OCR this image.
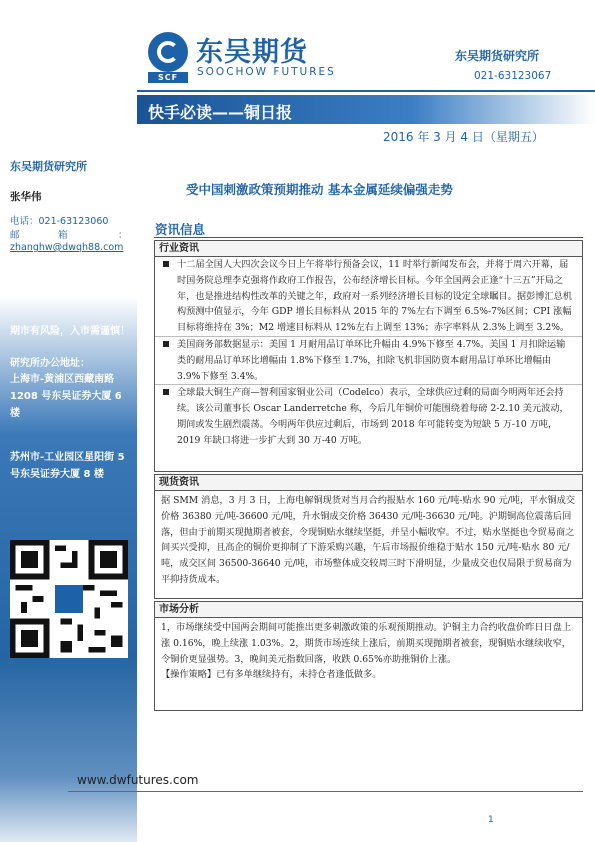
SCF
东吴期货
SOOCHOW FUTURES
东吴期货研究所
021-63123067
快手必读——铜日报
2016 年 3 月 4 日（星期五）
东吴期货研究所
张华伟
电话：021-63123060
邮	箱	：
zhanghw@dwqh88.com
期市有风险，入市需谨慎！
研究所办公地址：
上海市-黄浦区西藏南路 1208 号东吴证券大厦 6 楼
苏州市-工业园区星阳街 5 号东吴证券大厦 8 楼
受中国刺激政策预期推动 基本金属延续偏强走势
资讯信息
行业资讯
十二届全国人大四次会议今日上午将举行预备会议，11 时举行新闻发布会，并将于周六开幕，届时国务院总理李克强将作政府工作报告，公布经济增长目标。今年全国两会正逢“十三五”开局之年，也是推进结构性改革的关键之年，政府对一系列经济增长目标的设定全球瞩目。据彭博汇总机构预测中值显示，今年 GDP 增长目标料从 2015 年的 7%左右下调至 6.5%-7%区间；CPI 涨幅目标将维持在 3%；M2 增速目标料从 12%左右上调至 13%；赤字率料从 2.3%上调至 3.2%。
美国商务部数据显示：美国 1 月耐用品订单环比升幅由 4.9%下修至 4.7%。美国 1 月扣除运输类的耐用品订单环比增幅由 1.8%下修至 1.7%，扣除飞机非国防资本耐用品订单环比增幅由 3.9%下修至 3.4%。
全球最大铜生产商—智利国家铜业公司（Codelco）表示，全球供应过剩的局面今明两年还会持续。该公司董事长 Oscar Landerretche 称，今后几年铜价可能围绕着每磅 2-2.10 美元波动，期间或发生剧烈震荡。今明两年供应过剩后，市场到 2018 年可能转变为短缺 5 万-10 万吨，2019 年缺口将进一步扩大到 30 万-40 万吨。
现货资讯

据 SMM 消息，3 月 3 日，上海电解铜现货对当月合约报贴水 160 元/吨-贴水 90 元/吨，平水铜成交价格 36380 元/吨-36600 元/吨，升水铜成交价格 36430 元/吨-36630 元/吨。沪期铜高位震荡后回落，但由于前期买现抛期者被套，令现铜贴水继续坚挺，并呈小幅收窄。不过，贴水坚挺也令贸易商之间买兴受抑，且高企的铜价更抑制了下游采购兴趣，午后市场报价维稳于贴水 150 元/吨-贴水 80 元/吨，成交区间 36500-36640 元/吨，市场整体成交较周三时下滑明显，少量成交也仅局限于贸易商为平抑持货成本。

市场分析

1，市场继续受中国两会期间可能推出更多刺激政策的乐观预期推动。沪铜主力合约收盘价昨日日盘上涨 0.16%，晚上续涨 1.03%。2，期货市场连续上涨后，前期买现抛期者被套，现铜贴水继续收窄，令铜价更显强势。3，晚间美元指数回落，收跌 0.65%亦助推铜价上涨。

【操作策略】已有多单继续持有，未持仓者逢低做多。

www.dwfutures.com
1
